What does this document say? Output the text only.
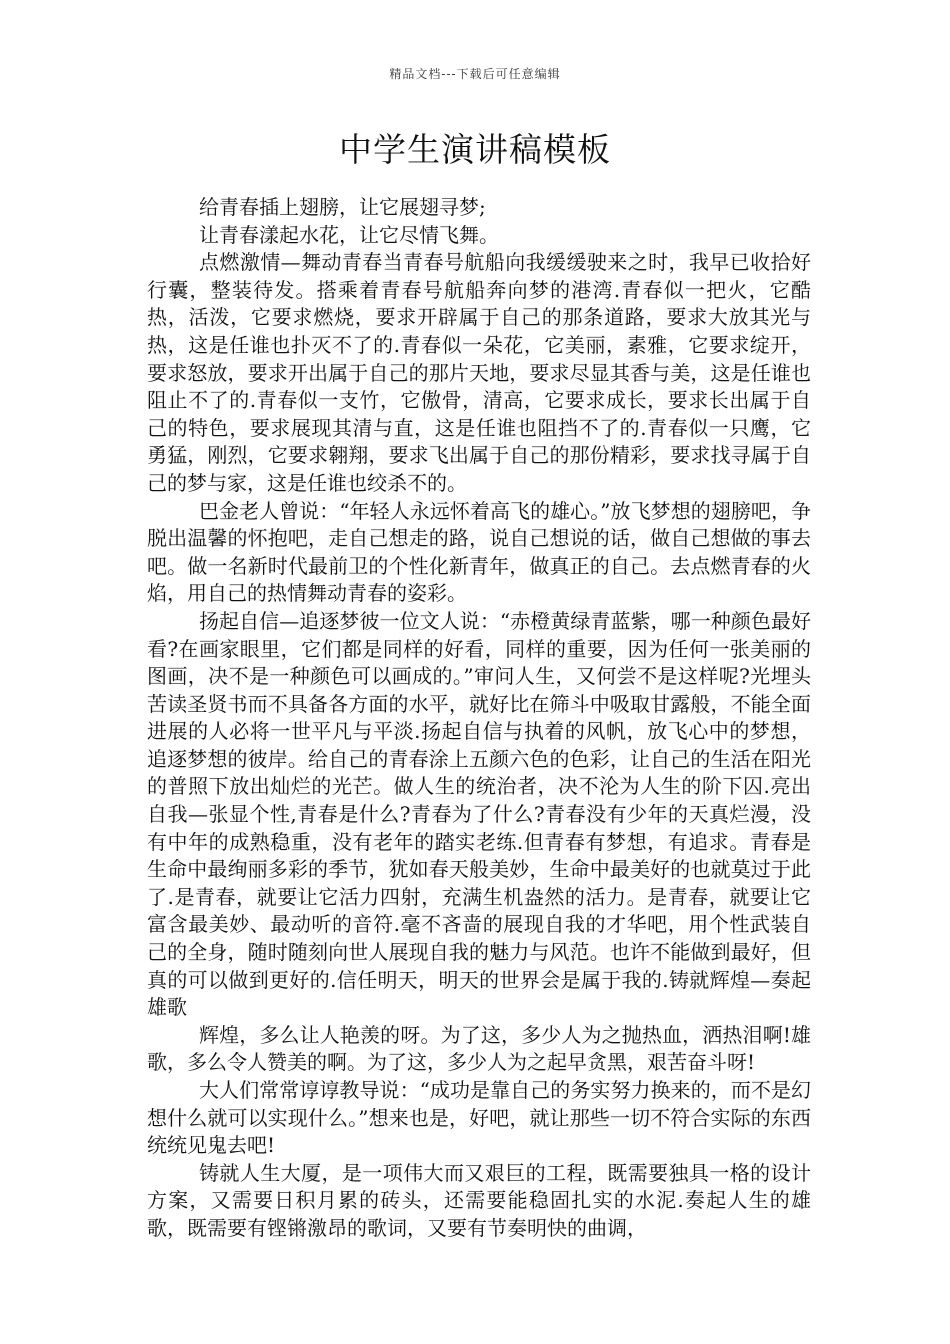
精品文档---下载后可任意编辑
中学生演讲稿模板

给青春插上翅膀，让它展翅寻梦;

让青春漾起水花，让它尽情飞舞。

点燃激情—舞动青春当青春号航船向我缓缓驶来之时，我早已收拾好行囊，整装待发。搭乘着青春号航船奔向梦的港湾.青春似一把火，它酷热，活泼，它要求燃烧，要求开辟属于自己的那条道路，要求大放其光与热，这是任谁也扑灭不了的.青春似一朵花，它美丽，素雅，它要求绽开，要求怒放，要求开出属于自己的那片天地，要求尽显其香与美，这是任谁也阻止不了的.青春似一支竹，它傲骨，清高，它要求成长，要求长出属于自己的特色，要求展现其清与直，这是任谁也阻挡不了的.青春似一只鹰，它勇猛，刚烈，它要求翱翔，要求飞出属于自己的那份精彩，要求找寻属于自己的梦与家，这是任谁也绞杀不的。

巴金老人曾说：“年轻人永远怀着高飞的雄心。”放飞梦想的翅膀吧，争脱出温馨的怀抱吧，走自己想走的路，说自己想说的话，做自己想做的事去吧。做一名新时代最前卫的个性化新青年，做真正的自己。去点燃青春的火焰，用自己的热情舞动青春的姿彩。

扬起自信—追逐梦彼一位文人说：“赤橙黄绿青蓝紫，哪一种颜色最好看?在画家眼里，它们都是同样的好看，同样的重要，因为任何一张美丽的图画，决不是一种颜色可以画成的。”审问人生，又何尝不是这样呢?光埋头苦读圣贤书而不具备各方面的水平，就好比在筛斗中吸取甘露般，不能全面进展的人必将一世平凡与平淡.扬起自信与执着的风帆，放飞心中的梦想，追逐梦想的彼岸。给自己的青春涂上五颜六色的色彩，让自己的生活在阳光的普照下放出灿烂的光芒。做人生的统治者，决不沦为人生的阶下囚.亮出自我—张显个性,青春是什么?青春为了什么?青春没有少年的天真烂漫，没有中年的成熟稳重，没有老年的踏实老练.但青春有梦想，有追求。青春是生命中最绚丽多彩的季节，犹如春天般美妙，生命中最美好的也就莫过于此了.是青春，就要让它活力四射，充满生机盎然的活力。是青春，就要让它富含最美妙、最动听的音符.毫不吝啬的展现自我的才华吧，用个性武装自己的全身，随时随刻向世人展现自我的魅力与风范。也许不能做到最好，但真的可以做到更好的.信任明天，明天的世界会是属于我的.铸就辉煌—奏起雄歌

辉煌，多么让人艳羡的呀。为了这，多少人为之抛热血，洒热泪啊!雄歌，多么令人赞美的啊。为了这，多少人为之起早贪黑，艰苦奋斗呀!

大人们常常谆谆教导说：“成功是靠自己的务实努力换来的，而不是幻想什么就可以实现什么。”想来也是，好吧，就让那些一切不符合实际的东西统统见鬼去吧!

铸就人生大厦，是一项伟大而又艰巨的工程，既需要独具一格的设计方案，又需要日积月累的砖头，还需要能稳固扎实的水泥.奏起人生的雄歌，既需要有铿锵激昂的歌词，又要有节奏明快的曲调，
